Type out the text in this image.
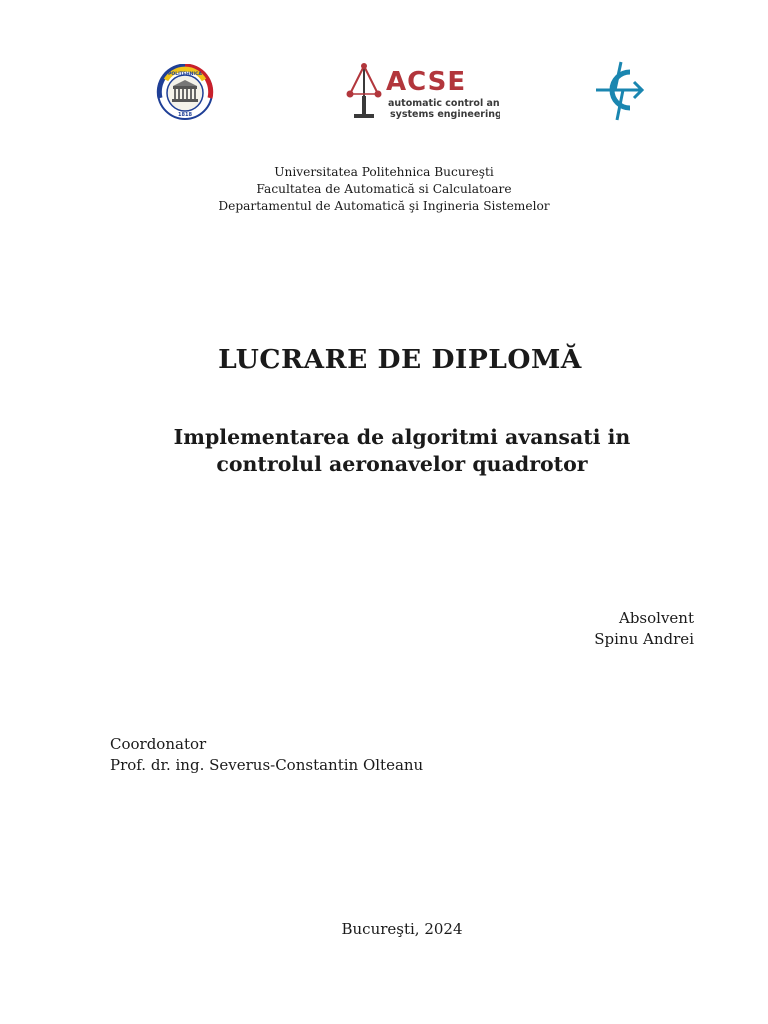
POLITEHNICA
1818
ACSE
automatic control and
systems engineering
Universitatea Politehnica Bucureşti
Facultatea de Automatică si Calculatoare
Departamentul de Automatică şi Ingineria Sistemelor
LUCRARE DE DIPLOMĂ
Implementarea de algoritmi avansati in
controlul aeronavelor quadrotor
Absolvent
Spinu Andrei
Coordonator
Prof. dr. ing. Severus-Constantin Olteanu
Bucureşti, 2024
